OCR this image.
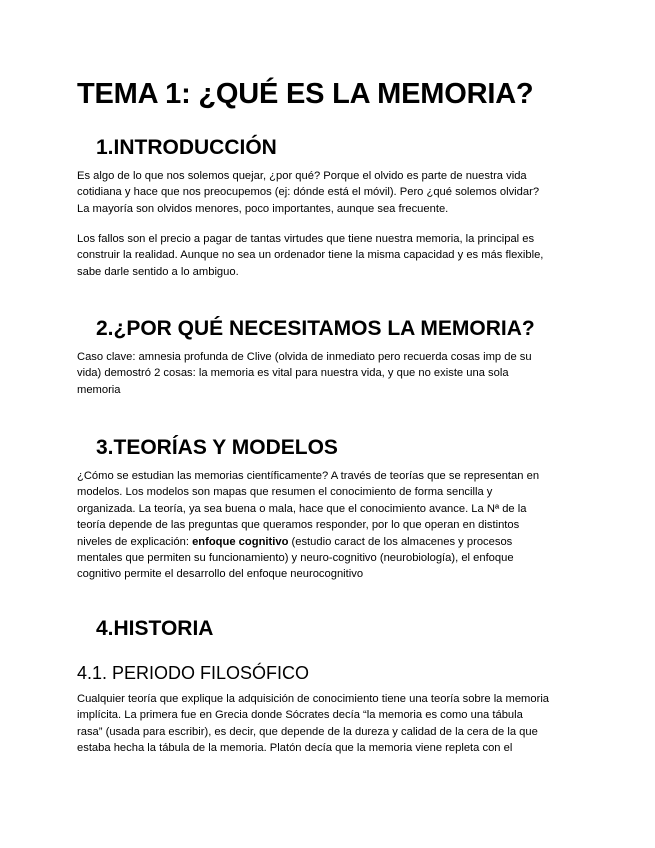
TEMA 1: ¿QUÉ ES LA MEMORIA?
1.INTRODUCCIÓN
Es algo de lo que nos solemos quejar, ¿por qué? Porque el olvido es parte de nuestra vida
cotidiana y hace que nos preocupemos (ej: dónde está el móvil). Pero ¿qué solemos olvidar?
La mayoría son olvidos menores, poco importantes, aunque sea frecuente.
Los fallos son el precio a pagar de tantas virtudes que tiene nuestra memoria, la principal es
construir la realidad. Aunque no sea un ordenador tiene la misma capacidad y es más flexible,
sabe darle sentido a lo ambiguo.
2.¿POR QUÉ NECESITAMOS LA MEMORIA?
Caso clave: amnesia profunda de Clive (olvida de inmediato pero recuerda cosas imp de su
vida) demostró 2 cosas: la memoria es vital para nuestra vida, y que no existe una sola
memoria
3.TEORÍAS Y MODELOS
¿Cómo se estudian las memorias científicamente? A través de teorías que se representan en
modelos. Los modelos son mapas que resumen el conocimiento de forma sencilla y
organizada. La teoría, ya sea buena o mala, hace que el conocimiento avance. La Nª de la
teoría depende de las preguntas que queramos responder, por lo que operan en distintos
niveles de explicación: enfoque cognitivo (estudio caract de los almacenes y procesos
mentales que permiten su funcionamiento) y neuro-cognitivo (neurobiología), el enfoque
cognitivo permite el desarrollo del enfoque neurocognitivo
4.HISTORIA
4.1. PERIODO FILOSÓFICO
Cualquier teoría que explique la adquisición de conocimiento tiene una teoría sobre la memoria
implícita. La primera fue en Grecia donde Sócrates decía “la memoria es como una tábula
rasa” (usada para escribir), es decir, que depende de la dureza y calidad de la cera de la que
estaba hecha la tábula de la memoria. Platón decía que la memoria viene repleta con el
